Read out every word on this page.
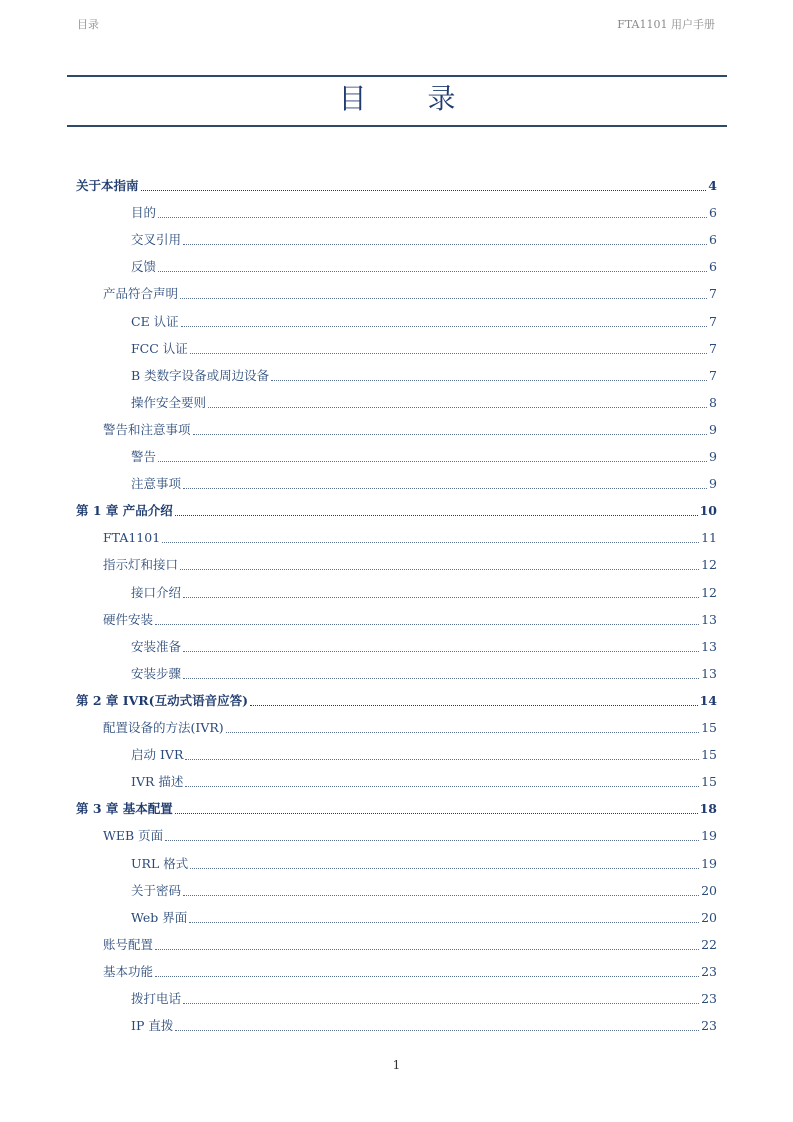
目录	FTA1101 用户手册
目 录
关于本指南	4
目的	6
交叉引用	6
反馈	6
产品符合声明	7
CE 认证	7
FCC 认证	7
B 类数字设备或周边设备	7
操作安全要则	8
警告和注意事项	9
警告	9
注意事项	9
第 1 章 产品介绍	10
FTA1101	11
指示灯和接口	12
接口介绍	12
硬件安装	13
安装准备	13
安装步骤	13
第 2 章 IVR(互动式语音应答)	14
配置设备的方法(IVR)	15
启动 IVR	15
IVR 描述	15
第 3 章 基本配置	18
WEB 页面	19
URL 格式	19
关于密码	20
Web 界面	20
账号配置	22
基本功能	23
拨打电话	23
IP 直拨	23
1
